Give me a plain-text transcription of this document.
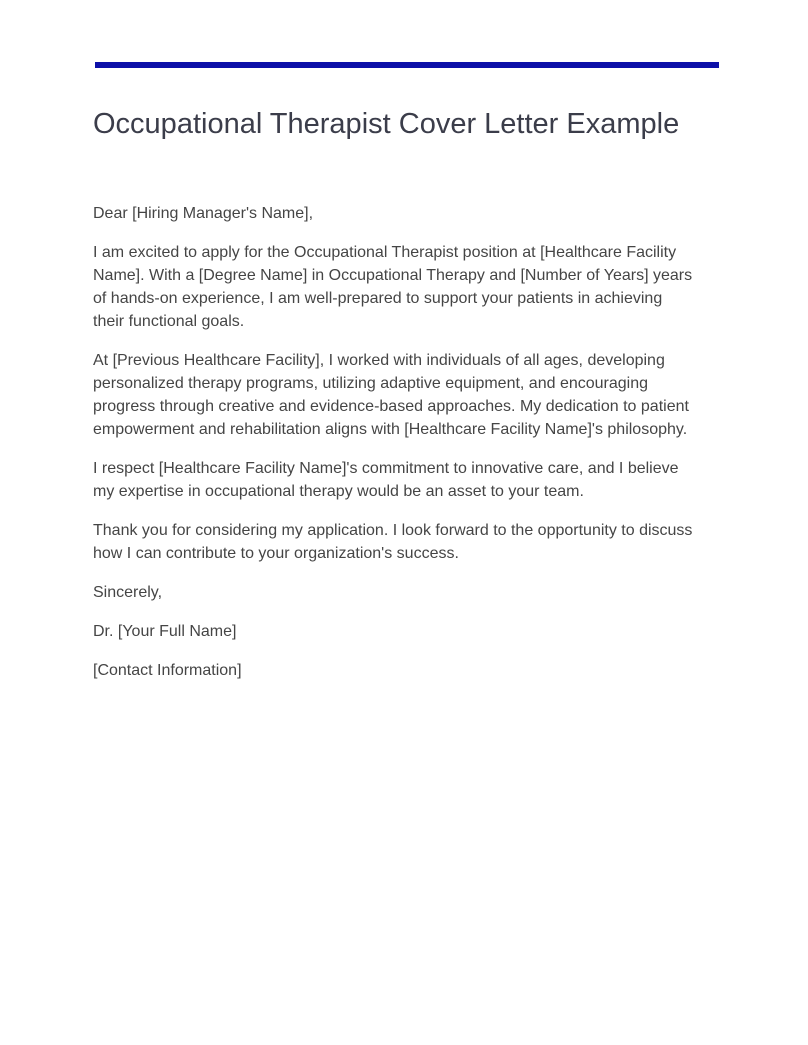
Occupational Therapist Cover Letter Example

Dear [Hiring Manager's Name],

I am excited to apply for the Occupational Therapist position at [Healthcare Facility Name]. With a [Degree Name] in Occupational Therapy and [Number of Years] years of hands-on experience, I am well-prepared to support your patients in achieving their functional goals.

At [Previous Healthcare Facility], I worked with individuals of all ages, developing personalized therapy programs, utilizing adaptive equipment, and encouraging progress through creative and evidence-based approaches. My dedication to patient empowerment and rehabilitation aligns with [Healthcare Facility Name]'s philosophy.

I respect [Healthcare Facility Name]'s commitment to innovative care, and I believe my expertise in occupational therapy would be an asset to your team.

Thank you for considering my application. I look forward to the opportunity to discuss how I can contribute to your organization's success.

Sincerely,

Dr. [Your Full Name]

[Contact Information]
